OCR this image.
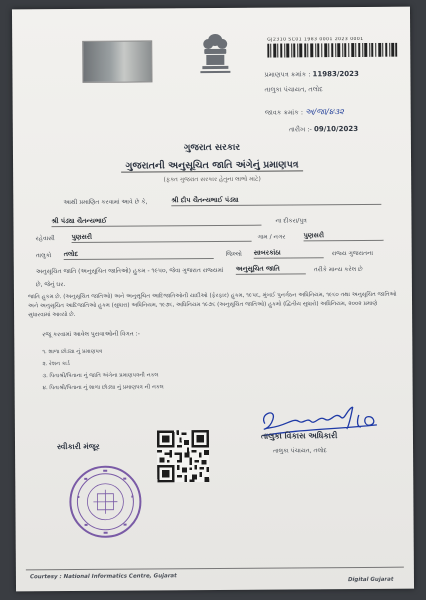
GJ2310 SC01 1983 0001 2023 0001
પ્રમાણપત્ર ક્રમાંક : 11983/2023
તાલુકા પંચાયત, તલોદ
જાવક ક્રમાંક : અ/જા/૪૩૨
તારીખ :- 09/10/2023
ગુજરાત સરકાર
ગુજરાતની અનુસૂચિત જાતિ અંગેનું પ્રમાણપત્ર
(ફક્ત ગુજરાત સરકાર હેતુના લાભો માટે)
આથી પ્રમાણિત કરવામાં આવે છે કે,	શ્રી દીપ ચૈતન્યભાઈ પંડ્યા
શ્રી પંડ્યા ચૈતન્યભાઈ	ના દીકરા/પુત્ર
રહેવાસી	પુણસરી	ગામ / નગર	પુણસરી
તાલુકો તલોદ	જિલ્લો સાબરકાંઠા	રાજ્ય ગુજરાતના
અનુસૂચિત જાતિ (અનુસૂચિત જાતિઓ) હુકમ - ૧૯૫૦, જેવા ગુજરાત રાજ્યમાં અનુસૂચિત જાતિ	તરીકે માન્ય કરેલ છે
છે, જેનું ઘર.
જાતિ હુકમ છે. (અનુસૂચિત જાતિઓ) અને અનુસૂચિત આદિજાતિઓની યાદીઓ (ફેરફાર) હુકમ, ૧૯૫૬, મુંબઈ પુનર્ગઠન અધિનિયમ, ૧૯૬૦ તથા અનુસૂચિત જાતિઓ અને અનુસૂચિત આદિજાતિઓ હુકમ (સુધારા) અધિનિયમ, ૧૯૭૬, અધિનિયમ ૧૯૭૬ (અનુસૂચિત જાતિઓ) હુકમો (દ્વિતીય સુધારો) અધિનિયમ, ૨૦૦૨ પ્રમાણે સુધારવામાં આવ્યો છે.
રજૂ કરવામાં આવેલ પુરાવાઓની વિગત :-
૧. શાળા છોડ્યા નું પ્રમાણપત્ર
૨. રેશન કાર્ડ
૩. પિતાશ્રી/પિતાના નું જાતિ અંગેના પ્રમાણપત્રની નકલ
૪. પિતાશ્રી/પિતાના નું શાળા છોડ્યા નું પ્રમાણપત્ર ની નકલ
તાલુકા વિકાસ અધિકારી
તાલુકા પંચાયત, તલોદ
સ્વીકારી મંજૂર
Courtesy : National Informatics Centre, Gujarat	Digital Gujarat
